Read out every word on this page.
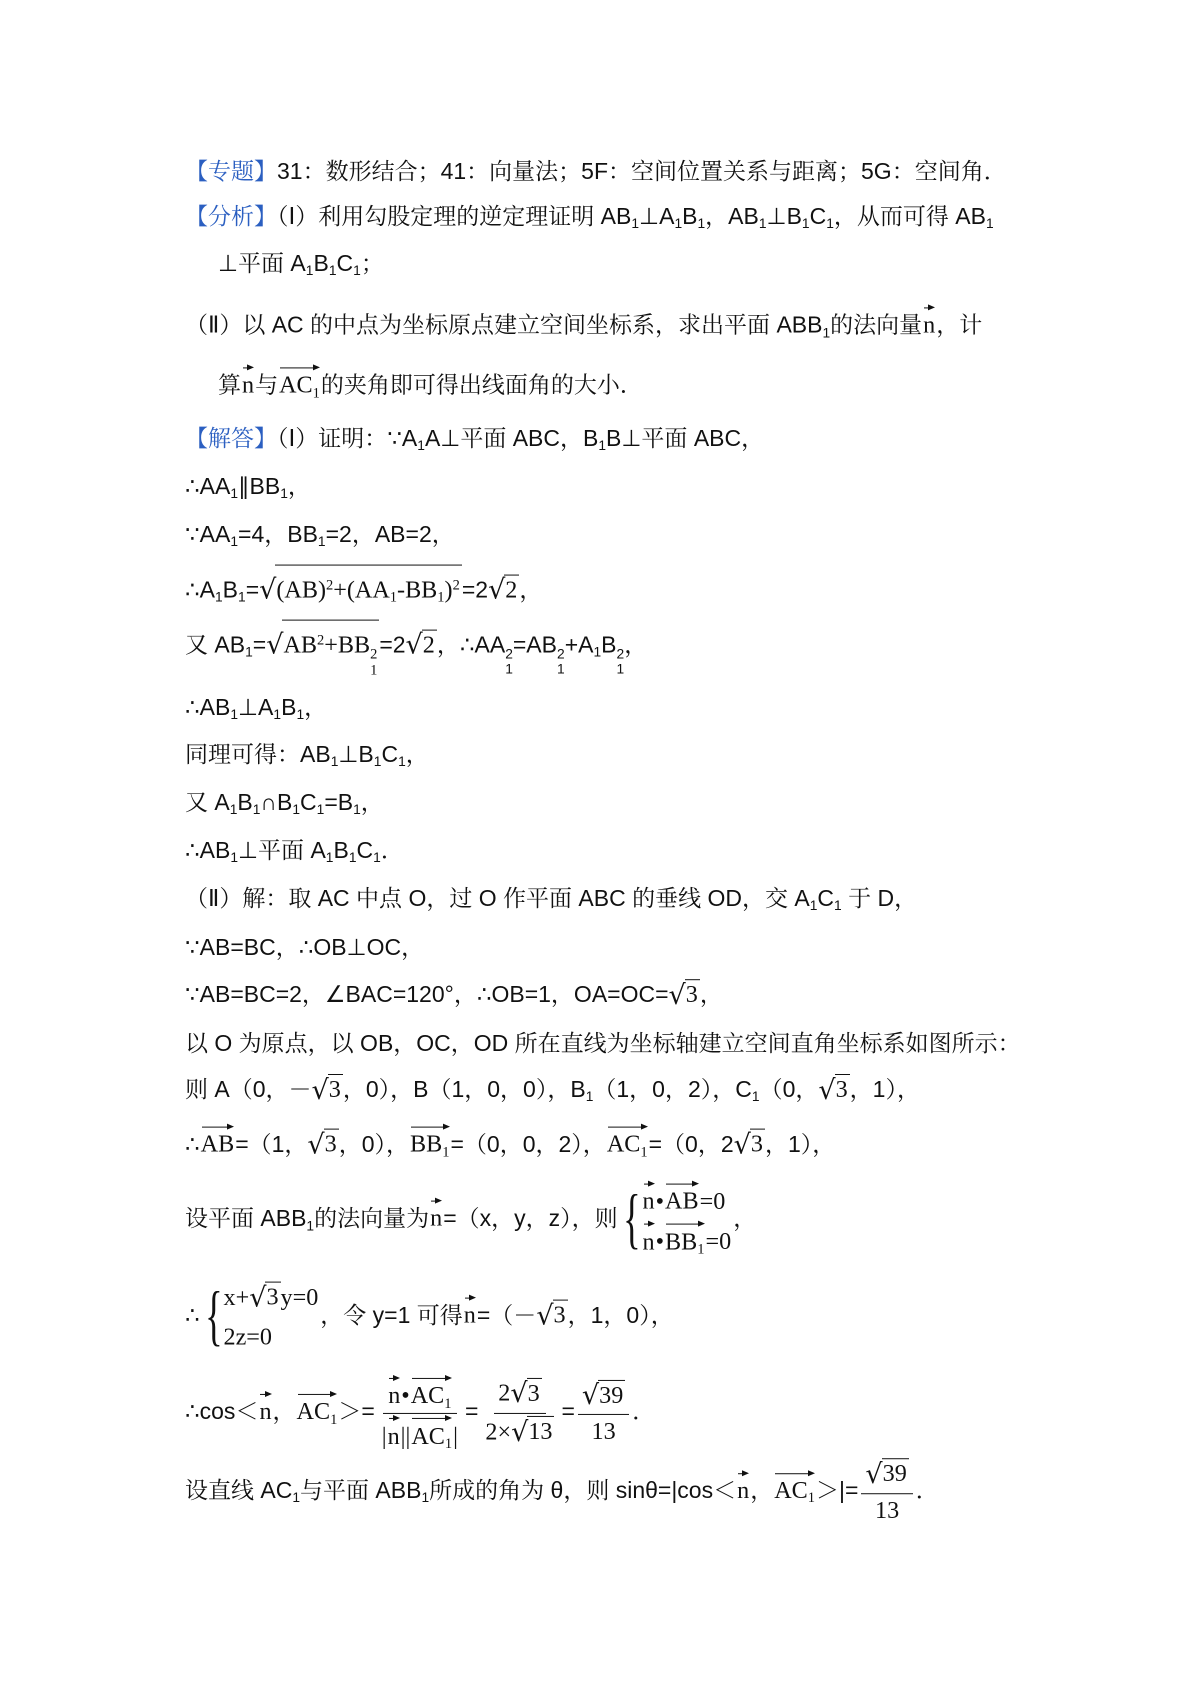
【专题】31：数形结合；41：向量法；5F：空间位置关系与距离；5G：空间角．
【分析】（Ⅰ）利用勾股定理的逆定理证明 AB1⊥A1B1，AB1⊥B1C1，从而可得 AB1
⊥平面 A1B1C1；
（Ⅱ）以 AC 的中点为坐标原点建立空间坐标系，求出平面 ABB1的法向量n，计
算n与AC1的夹角即可得出线面角的大小．
【解答】（Ⅰ）证明：∵A1A⊥平面 ABC，B1B⊥平面 ABC，
∴AA1∥BB1，
∵AA1=4，BB1=2，AB=2，
∴A1B1=√ $(AB)^2+(AA1-BB1)^2=2√$ 2，
又 AB1=√ $AB^2+BB$
1
2 =2√ 2，∴AA
1
2 =AB
1
2 +A1B
1
2 ，
∴AB1⊥A1B1，
同理可得：AB1⊥B1C1，
又 A1B1∩B1C1=B1，
∴AB1⊥平面 A1B1C1．
（Ⅱ）解：取 AC 中点 O，过 O 作平面 ABC 的垂线 OD，交 A1C1 于 D，
∵AB=BC，∴OB⊥OC，
∵AB=BC=2，∠BAC=120°，∴OB=1，OA=OC=√ 3，
以 O 为原点，以 OB，OC，OD 所在直线为坐标轴建立空间直角坐标系如图所示：
则 A（0，－√ 3，0），B（1，0，0），B1（1，0，2），C1（0，√ 3，1），
∴AB=（1，√ 3，0），BB1=（0，0，2），AC1=（0，2√ 3，1），
设平面 ABB1的法向量为n=（x，y，z），则
{ n•AB=0
n•BB1=0
，
∴
{ x+√ 3y=0
2z=0
，令 y=1 可得n=（－√ 3，1，0），
∴cos＜n，$AC1>= \frac{n•AC1}{|n||AC1|} = \frac{2√ 3}{2\times√ 13}$ =
√ $\frac{39}{13}$ ．
设直线 AC1与平面 ABB1所成的角为 θ，则 sinθ=|cos＜n，AC1＞|=
√ $\frac{39}{13}$ ．
